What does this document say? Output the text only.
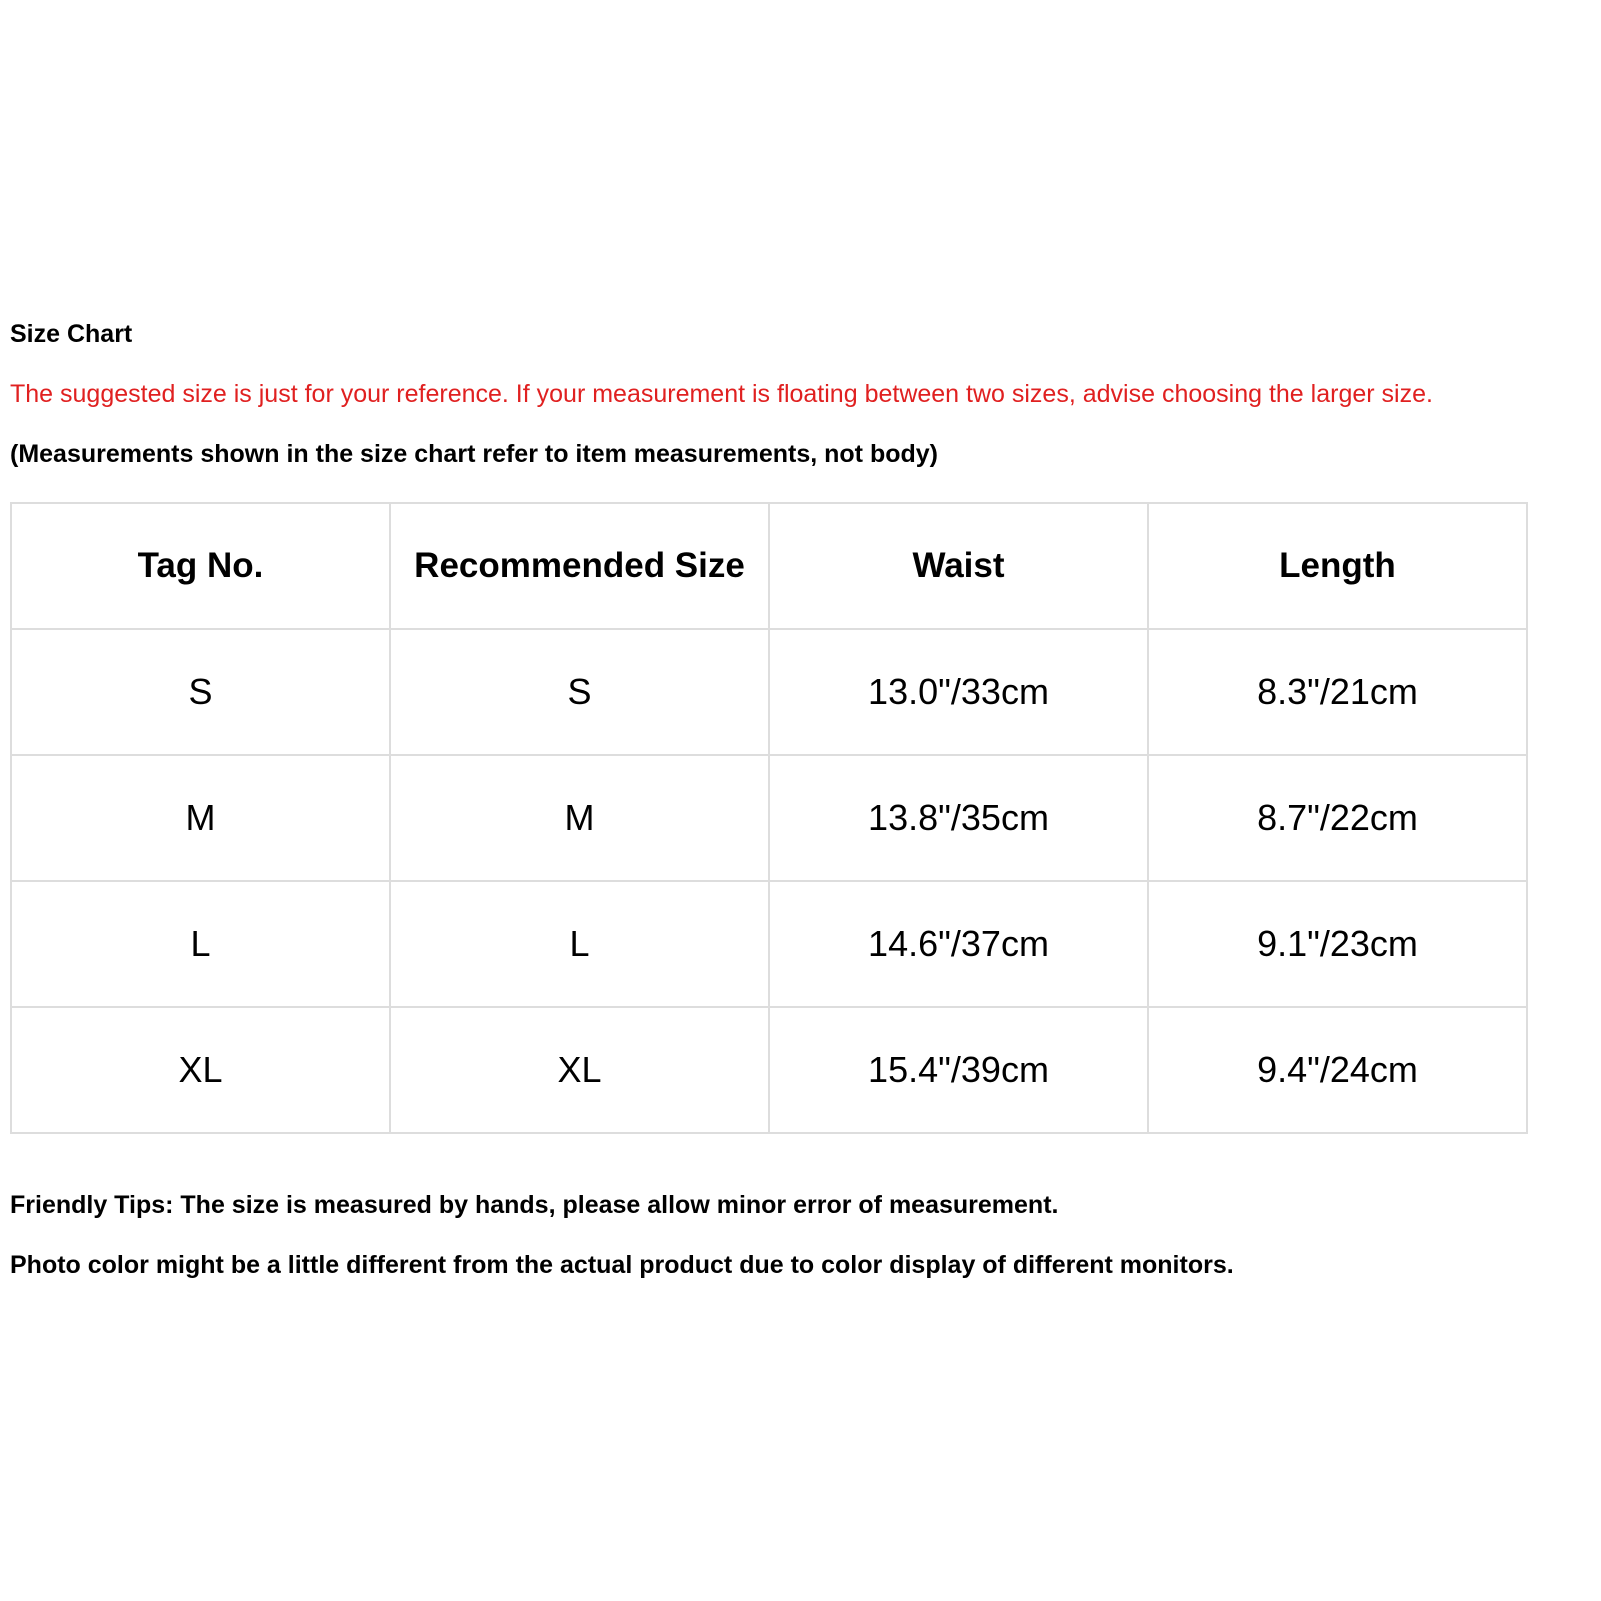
Size Chart
The suggested size is just for your reference. If your measurement is floating between two sizes, advise choosing the larger size.
(Measurements shown in the size chart refer to item measurements, not body)
Tag No.	Recommended Size	Waist	Length
S	S	13.0"/33cm	8.3"/21cm
M	M	13.8"/35cm	8.7"/22cm
L	L	14.6"/37cm	9.1"/23cm
XL	XL	15.4"/39cm	9.4"/24cm
Friendly Tips: The size is measured by hands, please allow minor error of measurement.
Photo color might be a little different from the actual product due to color display of different monitors.
